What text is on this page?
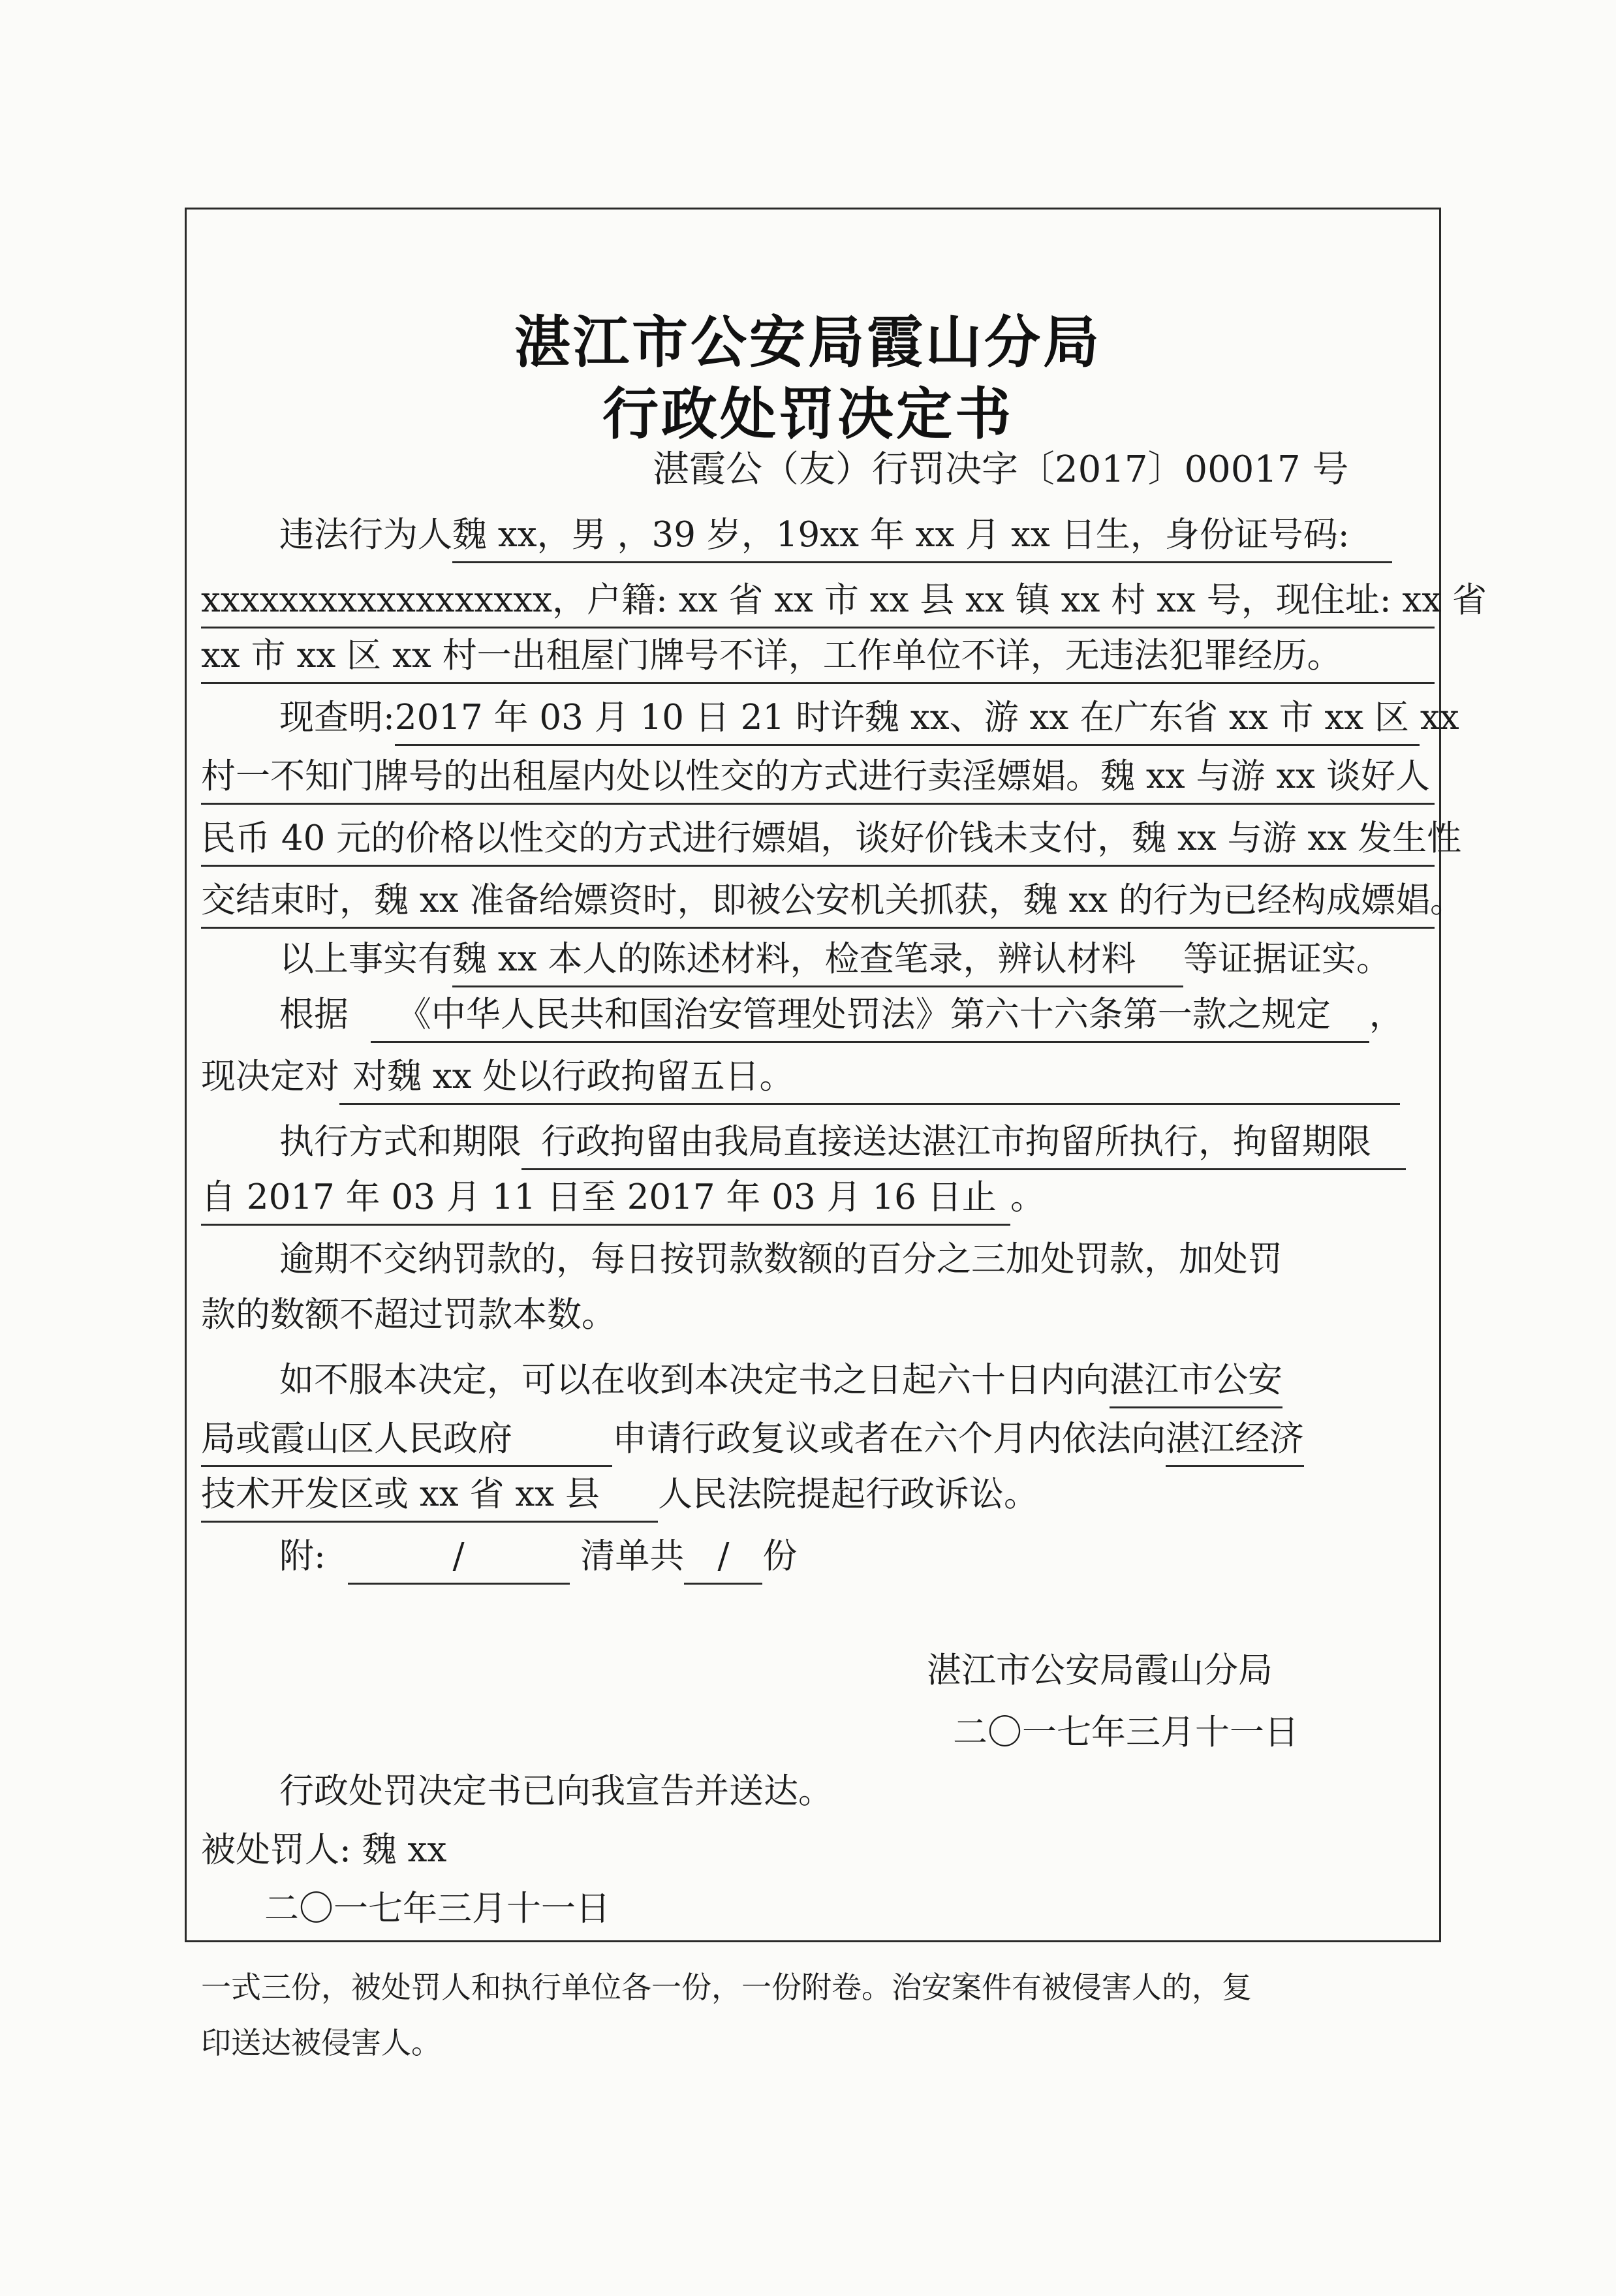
湛江市公安局霞山分局
行政处罚决定书
湛霞公（友）行罚决字〔2017〕00017 号
违法行为人魏 xx，男 ，39 岁，19xx 年 xx 月 xx 日生，身份证号码:
xxxxxxxxxxxxxxxxxx，户籍: xx 省 xx 市 xx 县 xx 镇 xx 村 xx 号，现住址: xx 省
xx 市 xx 区 xx 村一出租屋门牌号不详，工作单位不详，无违法犯罪经历。
现查明:2017 年 03 月 10 日 21 时许魏 xx、游 xx 在广东省 xx 市 xx 区 xx
村一不知门牌号的出租屋内处以性交的方式进行卖淫嫖娼。魏 xx 与游 xx 谈好人
民币 40 元的价格以性交的方式进行嫖娼，谈好价钱未支付，魏 xx 与游 xx 发生性
交结束时，魏 xx 准备给嫖资时，即被公安机关抓获，魏 xx 的行为已经构成嫖娼。
以上事实有魏 xx 本人的陈述材料，检查笔录，辨认材料 等证据证实。
根据 《中华人民共和国治安管理处罚法》第六十六条第一款之规定 ，
现决定对 对魏 xx 处以行政拘留五日。
执行方式和期限 行政拘留由我局直接送达湛江市拘留所执行，拘留期限
自 2017 年 03 月 11 日至 2017 年 03 月 16 日止 。
逾期不交纳罚款的，每日按罚款数额的百分之三加处罚款，加处罚
款的数额不超过罚款本数。
如不服本决定，可以在收到本决定书之日起六十日内向湛江市公安
局或霞山区人民政府	申请行政复议或者在六个月内依法向湛江经济
技术开发区或 xx 省 xx 县 人民法院提起行政诉讼。
附:	/	清单共 / 份
湛江市公安局霞山分局
二〇一七年三月十一日
行政处罚决定书已向我宣告并送达。
被处罚人: 魏 xx
二〇一七年三月十一日
一式三份，被处罚人和执行单位各一份，一份附卷。治安案件有被侵害人的，复
印送达被侵害人。
